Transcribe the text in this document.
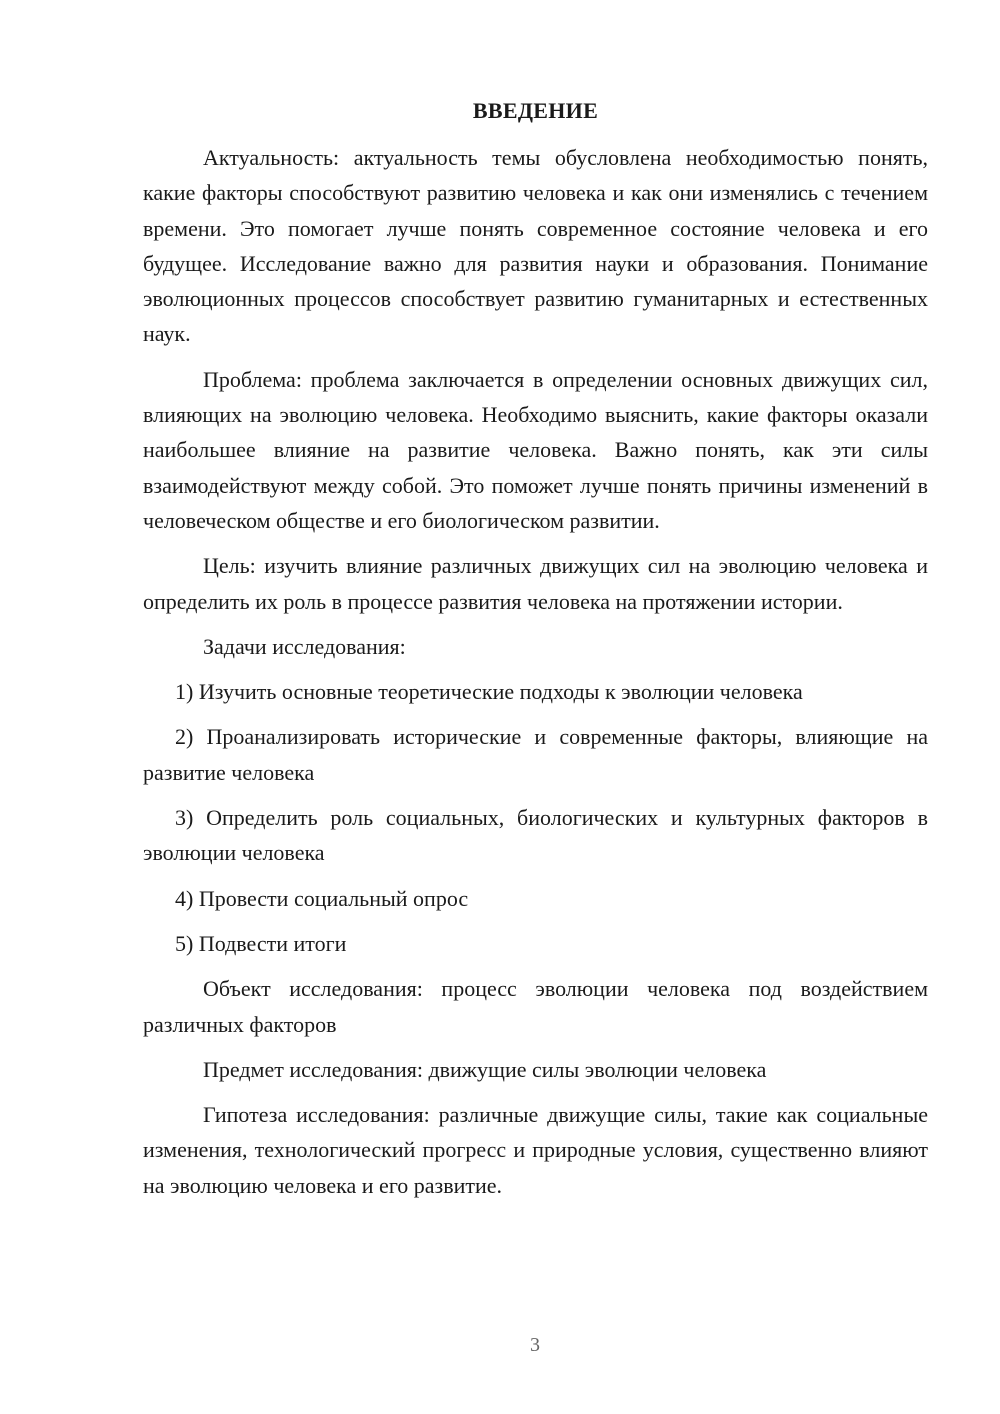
ВВЕДЕНИЕ

Актуальность: актуальность темы обусловлена необходимостью понять, какие факторы способствуют развитию человека и как они изменялись с течением времени. Это помогает лучше понять современное состояние человека и его будущее. Исследование важно для развития науки и образования. Понимание эволюционных процессов способствует развитию гуманитарных и естественных наук.

Проблема: проблема заключается в определении основных движущих сил, влияющих на эволюцию человека. Необходимо выяснить, какие факторы оказали наибольшее влияние на развитие человека. Важно понять, как эти силы взаимодействуют между собой. Это поможет лучше понять причины изменений в человеческом обществе и его биологическом развитии.

Цель: изучить влияние различных движущих сил на эволюцию человека и определить их роль в процессе развития человека на протяжении истории.

Задачи исследования:

1) Изучить основные теоретические подходы к эволюции человека

2) Проанализировать исторические и современные факторы, влияющие на развитие человека

3) Определить роль социальных, биологических и культурных факторов в эволюции человека

4) Провести социальный опрос

5) Подвести итоги

Объект исследования: процесс эволюции человека под воздействием различных факторов

Предмет исследования: движущие силы эволюции человека

Гипотеза исследования: различные движущие силы, такие как социальные изменения, технологический прогресс и природные условия, существенно влияют на эволюцию человека и его развитие.

3
